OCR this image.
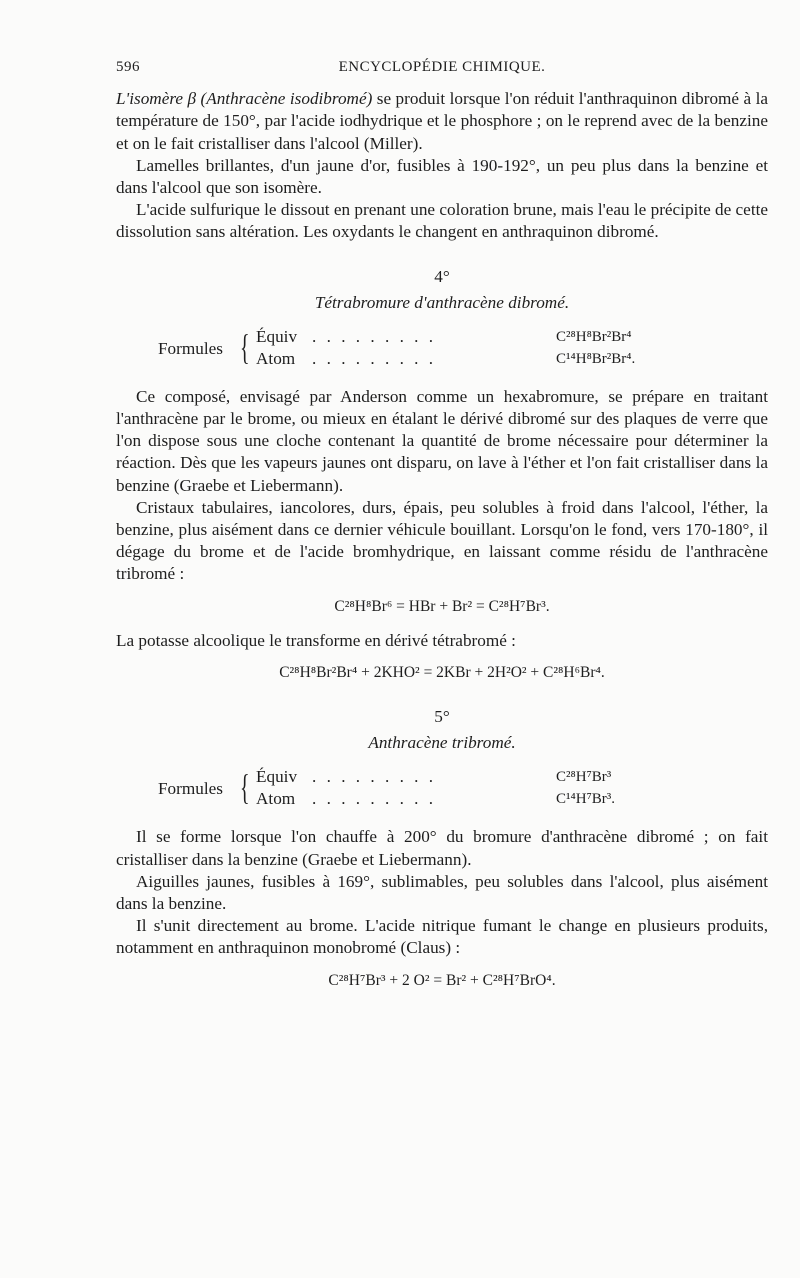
596	ENCYCLOPÉDIE CHIMIQUE.

L'isomère β (Anthracène isodibromé) se produit lorsque l'on réduit l'anthraquinon dibromé à la température de 150°, par l'acide iodhydrique et le phosphore ; on le reprend avec de la benzine et on le fait cristalliser dans l'alcool (Miller).

Lamelles brillantes, d'un jaune d'or, fusibles à 190-192°, un peu plus dans la benzine et dans l'alcool que son isomère.

L'acide sulfurique le dissout en prenant une coloration brune, mais l'eau le précipite de cette dissolution sans altération. Les oxydants le changent en anthraquinon dibromé.

4°
Tétrabromure d'anthracène dibromé.
Formules { Équiv . . . . . . . . .	C²⁸H⁸Br²Br⁴
Atom . . . . . . . . .	C¹⁴H⁸Br²Br⁴.

Ce composé, envisagé par Anderson comme un hexabromure, se prépare en traitant l'anthracène par le brome, ou mieux en étalant le dérivé dibromé sur des plaques de verre que l'on dispose sous une cloche contenant la quantité de brome nécessaire pour déterminer la réaction. Dès que les vapeurs jaunes ont disparu, on lave à l'éther et l'on fait cristalliser dans la benzine (Graebe et Liebermann).

Cristaux tabulaires, iancolores, durs, épais, peu solubles à froid dans l'alcool, l'éther, la benzine, plus aisément dans ce dernier véhicule bouillant. Lorsqu'on le fond, vers 170-180°, il dégage du brome et de l'acide bromhydrique, en laissant comme résidu de l'anthracène tribromé :

C²⁸H⁸Br⁶ = HBr + Br² = C²⁸H⁷Br³.

La potasse alcoolique le transforme en dérivé tétrabromé :

C²⁸H⁸Br²Br⁴ + 2KHO² = 2KBr + 2H²O² + C²⁸H⁶Br⁴.
5°
Anthracène tribromé.
Formules { Équiv . . . . . . . . .	C²⁸H⁷Br³
Atom . . . . . . . . .	C¹⁴H⁷Br³.

Il se forme lorsque l'on chauffe à 200° du bromure d'anthracène dibromé ; on fait cristalliser dans la benzine (Graebe et Liebermann).

Aiguilles jaunes, fusibles à 169°, sublimables, peu solubles dans l'alcool, plus aisément dans la benzine.

Il s'unit directement au brome. L'acide nitrique fumant le change en plusieurs produits, notamment en anthraquinon monobromé (Claus) :

C²⁸H⁷Br³ + 2 O² = Br² + C²⁸H⁷BrO⁴.
